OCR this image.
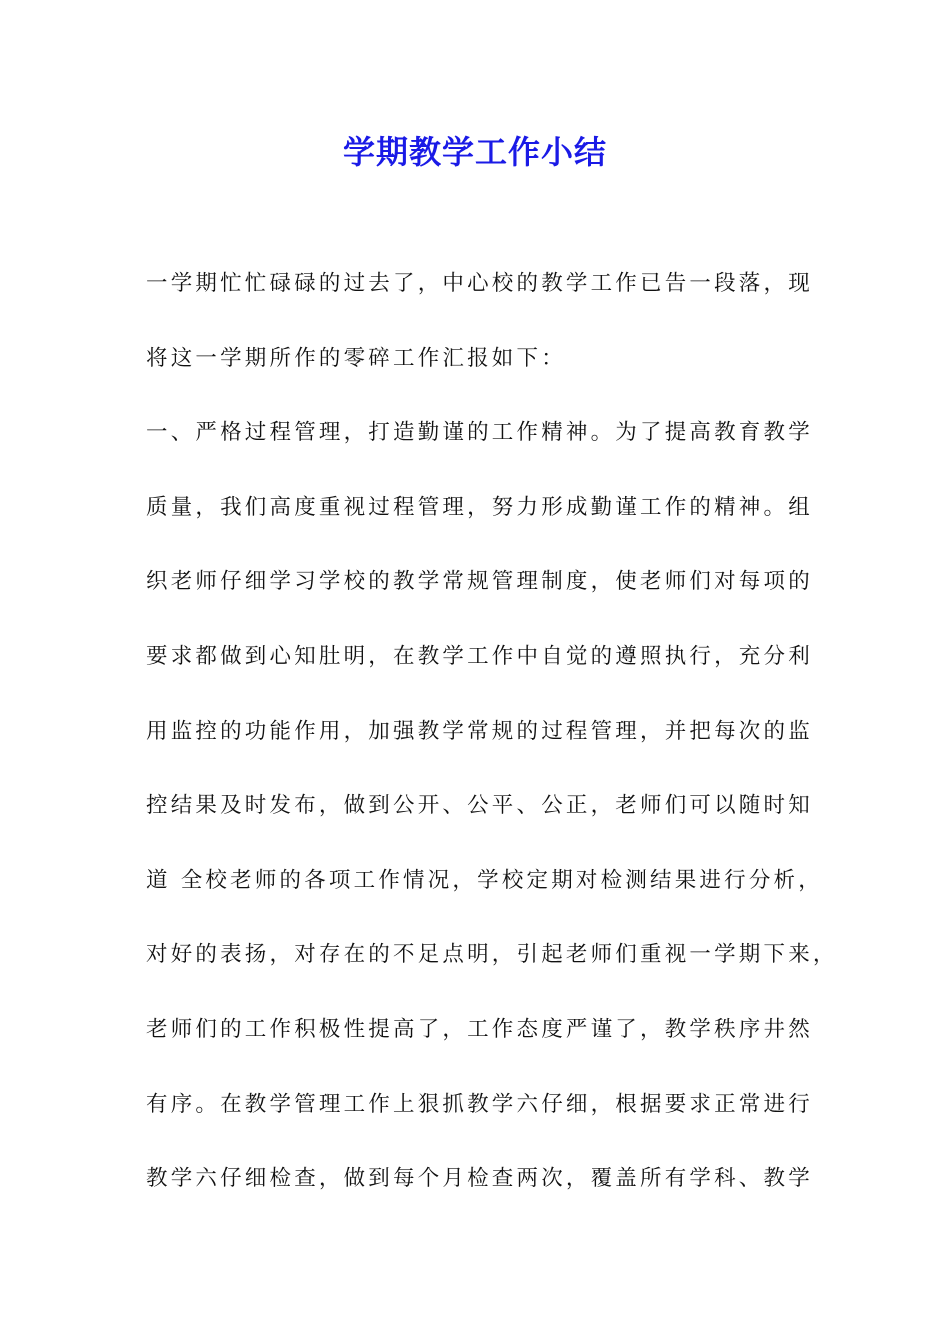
学期教学工作小结
一学期忙忙碌碌的过去了，中心校的教学工作已告一段落，现
将这一学期所作的零碎工作汇报如下：
一、严格过程管理，打造勤谨的工作精神。为了提高教育教学
质量，我们高度重视过程管理，努力形成勤谨工作的精神。组
织老师仔细学习学校的教学常规管理制度，使老师们对每项的
要求都做到心知肚明，在教学工作中自觉的遵照执行，充分利
用监控的功能作用，加强教学常规的过程管理，并把每次的监
控结果及时发布，做到公开、公平、公正，老师们可以随时知
道 全校老师的各项工作情况，学校定期对检测结果进行分析，
对好的表扬，对存在的不足点明，引起老师们重视一学期下来，
老师们的工作积极性提高了，工作态度严谨了，教学秩序井然
有序。在教学管理工作上狠抓教学六仔细，根据要求正常进行
教学六仔细检查，做到每个月检查两次，覆盖所有学科、教学
